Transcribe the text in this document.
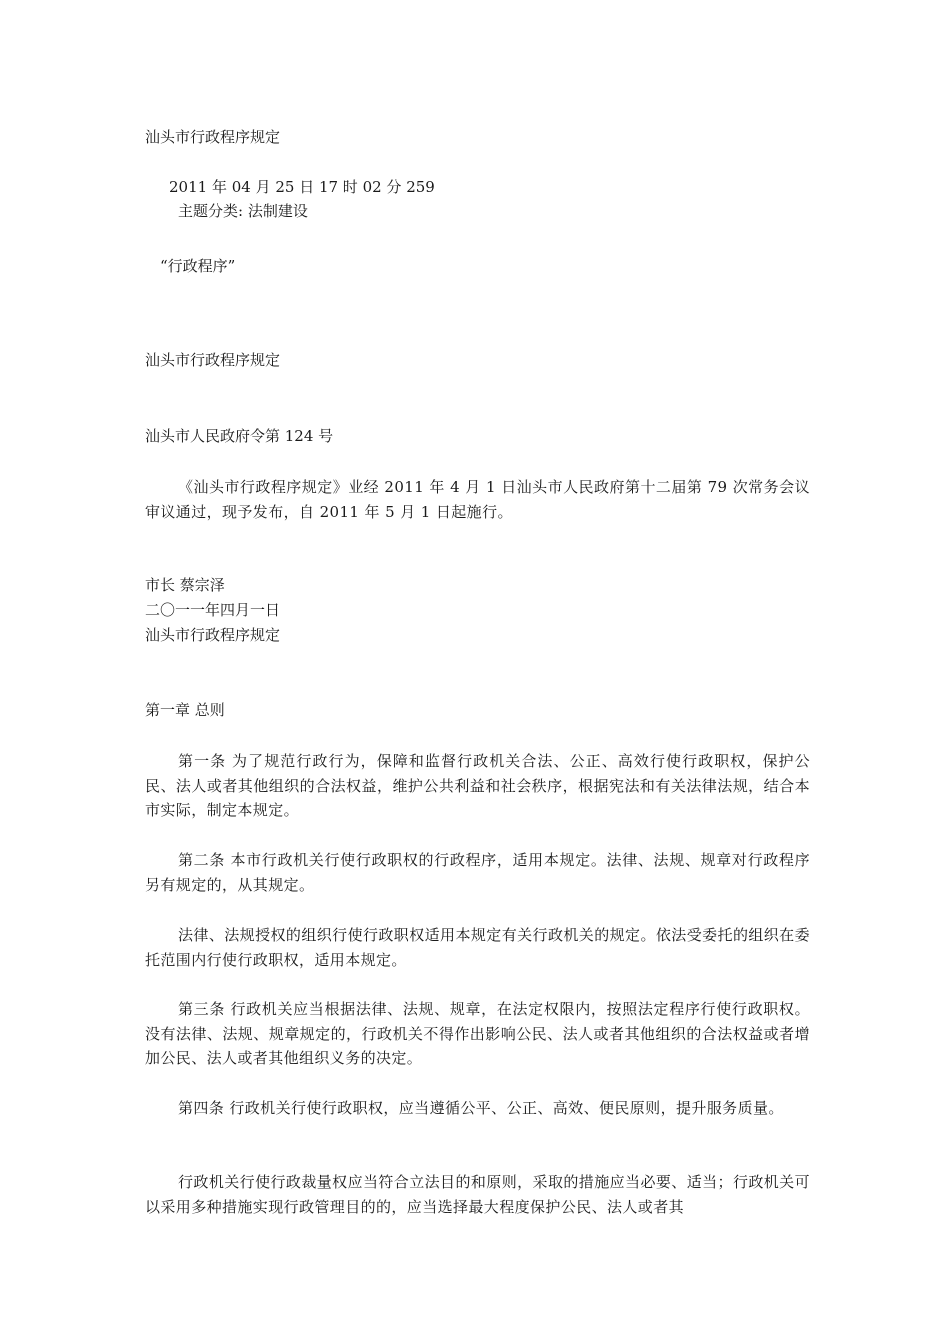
汕头市行政程序规定
2011 年 04 月 25 日 17 时 02 分 259
主题分类: 法制建设
“行政程序”
汕头市行政程序规定
汕头市人民政府令第 124 号
《汕头市行政程序规定》业经 2011 年 4 月 1 日汕头市人民政府第十二届第 79 次常务会议审议通过，现予发布，自 2011 年 5 月 1 日起施行。
市长 蔡宗泽
二〇一一年四月一日
汕头市行政程序规定
第一章 总则
第一条 为了规范行政行为，保障和监督行政机关合法、公正、高效行使行政职权，保护公民、法人或者其他组织的合法权益，维护公共利益和社会秩序，根据宪法和有关法律法规，结合本市实际，制定本规定。
第二条 本市行政机关行使行政职权的行政程序，适用本规定。法律、法规、规章对行政程序另有规定的，从其规定。
法律、法规授权的组织行使行政职权适用本规定有关行政机关的规定。依法受委托的组织在委托范围内行使行政职权，适用本规定。
第三条 行政机关应当根据法律、法规、规章，在法定权限内，按照法定程序行使行政职权。没有法律、法规、规章规定的，行政机关不得作出影响公民、法人或者其他组织的合法权益或者增加公民、法人或者其他组织义务的决定。
第四条 行政机关行使行政职权，应当遵循公平、公正、高效、便民原则，提升服务质量。
行政机关行使行政裁量权应当符合立法目的和原则，采取的措施应当必要、适当；行政机关可以采用多种措施实现行政管理目的的，应当选择最大程度保护公民、法人或者其
